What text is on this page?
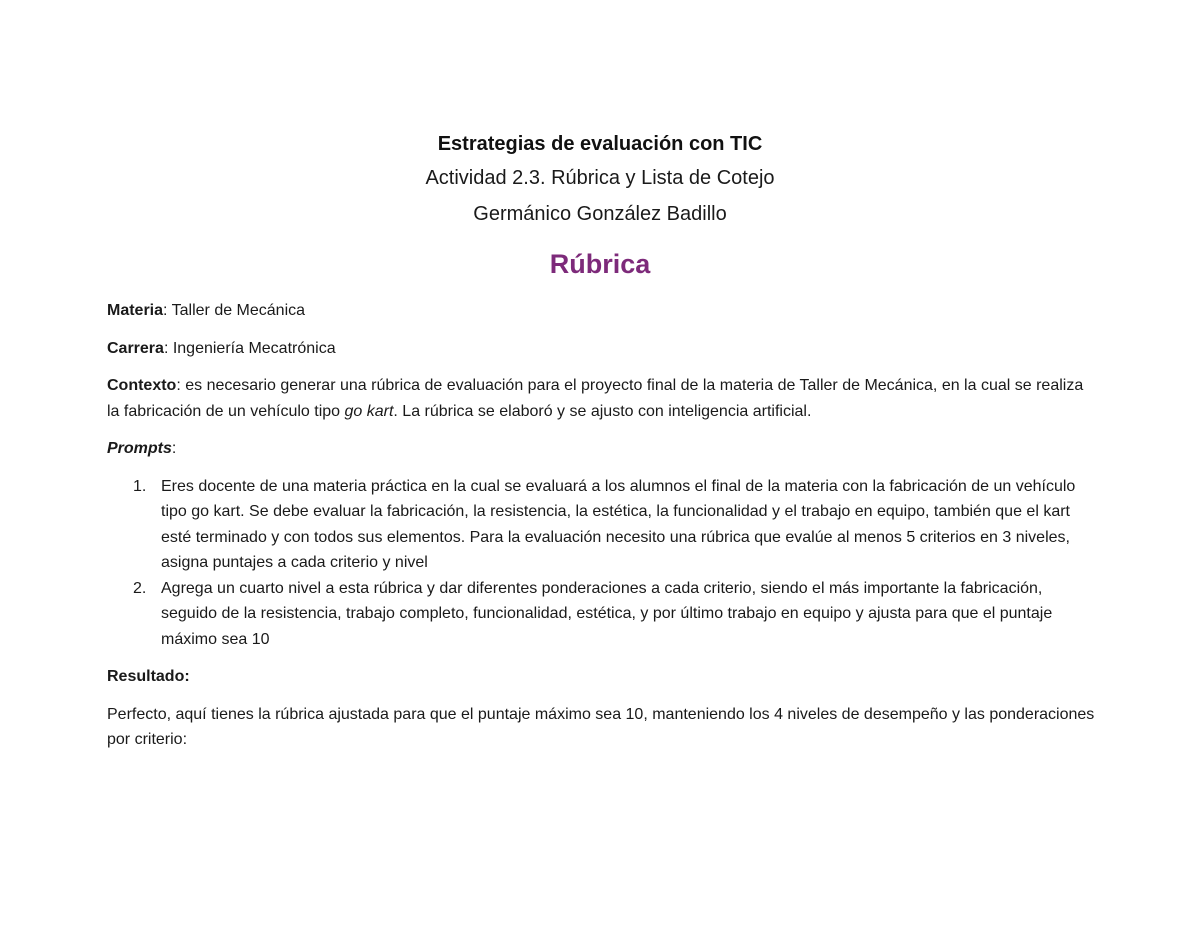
Estrategias de evaluación con TIC
Actividad 2.3. Rúbrica y Lista de Cotejo
Germánico González Badillo
Rúbrica

Materia: Taller de Mecánica

Carrera: Ingeniería Mecatrónica

Contexto: es necesario generar una rúbrica de evaluación para el proyecto final de la materia de Taller de Mecánica, en la cual se realiza la fabricación de un vehículo tipo go kart. La rúbrica se elaboró y se ajusto con inteligencia artificial.

Prompts:

1. Eres docente de una materia práctica en la cual se evaluará a los alumnos el final de la materia con la fabricación de un vehículo tipo go kart. Se debe evaluar la fabricación, la resistencia, la estética, la funcionalidad y el trabajo en equipo, también que el kart esté terminado y con todos sus elementos. Para la evaluación necesito una rúbrica que evalúe al menos 5 criterios en 3 niveles, asigna puntajes a cada criterio y nivel
2. Agrega un cuarto nivel a esta rúbrica y dar diferentes ponderaciones a cada criterio, siendo el más importante la fabricación, seguido de la resistencia, trabajo completo, funcionalidad, estética, y por último trabajo en equipo y ajusta para que el puntaje máximo sea 10

Resultado:

Perfecto, aquí tienes la rúbrica ajustada para que el puntaje máximo sea 10, manteniendo los 4 niveles de desempeño y las ponderaciones por criterio:
